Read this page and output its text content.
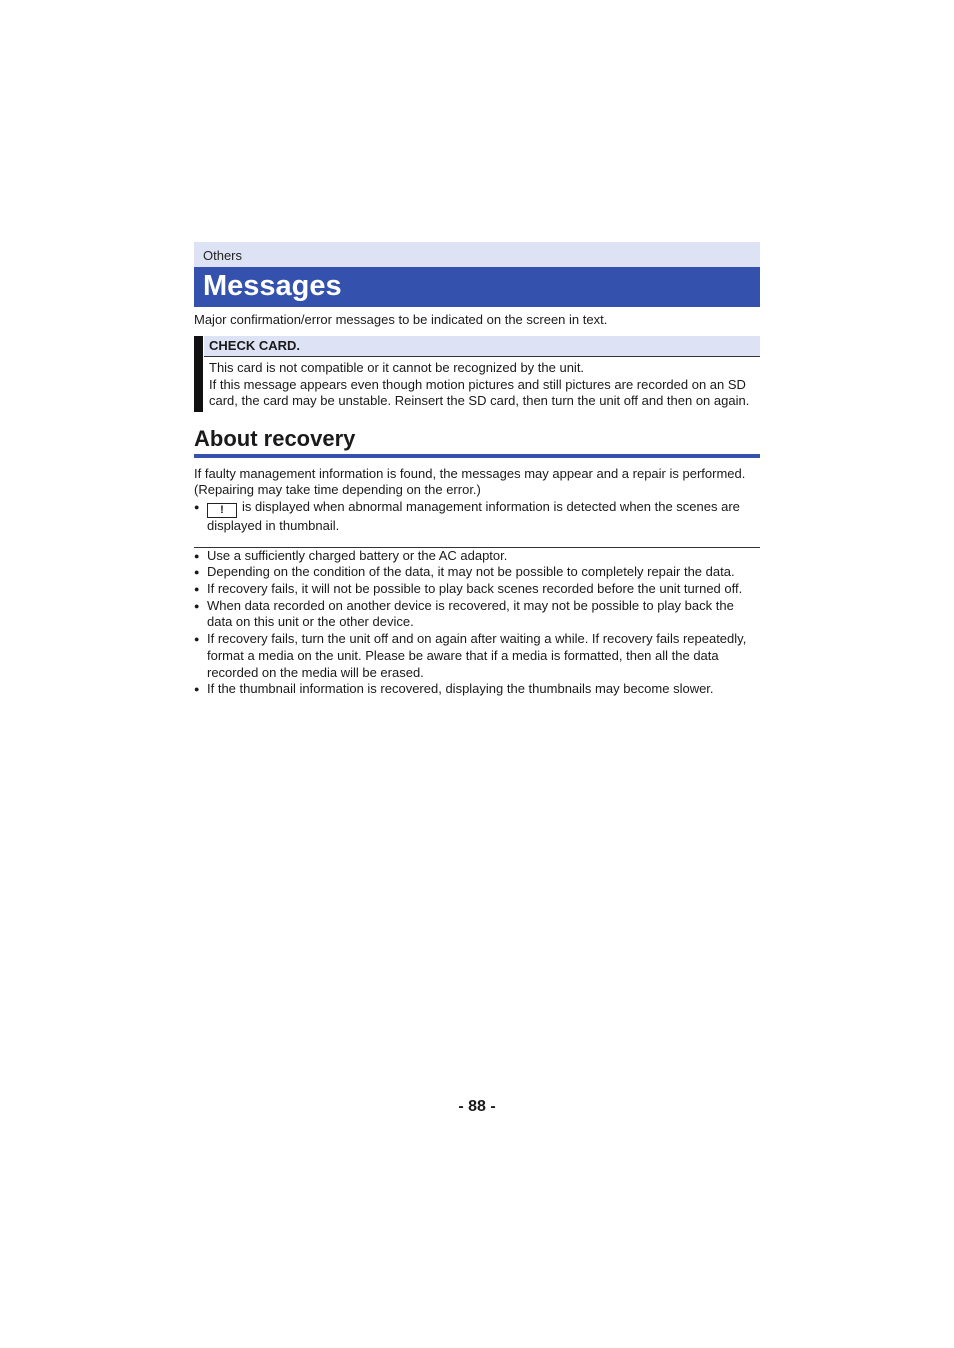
Others
Messages
Major confirmation/error messages to be indicated on the screen in text.
CHECK CARD.
This card is not compatible or it cannot be recognized by the unit.
If this message appears even though motion pictures and still pictures are recorded on an SD card, the card may be unstable. Reinsert the SD card, then turn the unit off and then on again.
About recovery
If faulty management information is found, the messages may appear and a repair is performed. (Repairing may take time depending on the error.)
● ! is displayed when abnormal management information is detected when the scenes are displayed in thumbnail.
● Use a sufficiently charged battery or the AC adaptor.
● Depending on the condition of the data, it may not be possible to completely repair the data.
● If recovery fails, it will not be possible to play back scenes recorded before the unit turned off.
● When data recorded on another device is recovered, it may not be possible to play back the data on this unit or the other device.
● If recovery fails, turn the unit off and on again after waiting a while. If recovery fails repeatedly, format a media on the unit. Please be aware that if a media is formatted, then all the data recorded on the media will be erased.
● If the thumbnail information is recovered, displaying the thumbnails may become slower.
- 88 -
